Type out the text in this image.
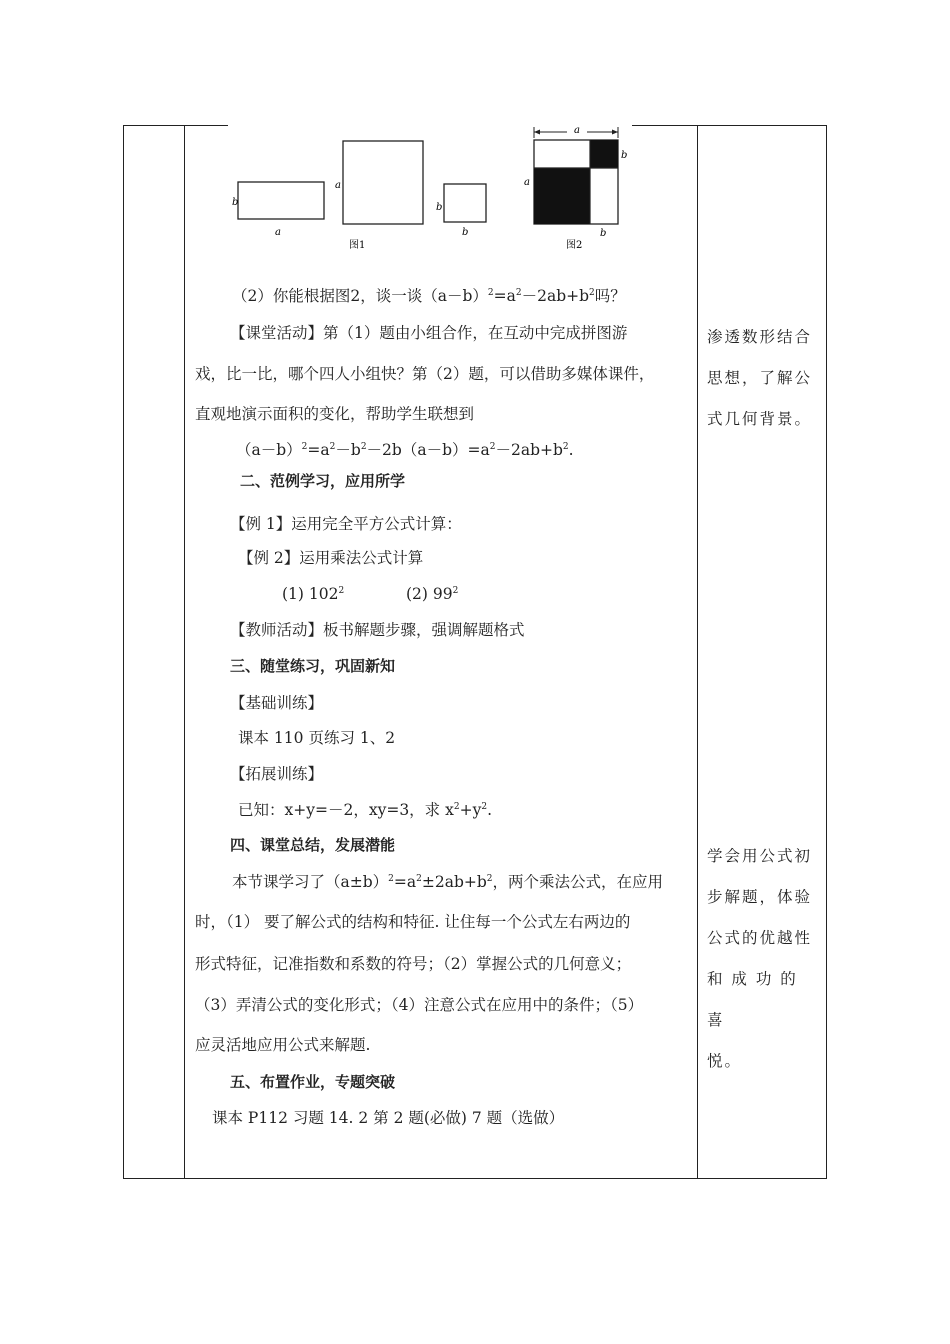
b
a
a
b
b
图1
a
b
b
a
图2
（2）你能根据图2，谈一谈$(a-b)^2=a^2-2ab+b^2$吗？
【课堂活动】第（1）题由小组合作，在互动中完成拼图游
戏，比一比，哪个四人小组快？第（2）题，可以借助多媒体课件，
直观地演示面积的变化，帮助学生联想到
$(a-b)^2=a^2-b^2-2b(a-b)=a^2-2ab+b^2$.
二、范例学习，应用所学
【例 1】运用完全平方公式计算：
【例 2】运用乘法公式计算
(1) $102^2$	(2) $99^2$
【教师活动】板书解题步骤，强调解题格式
三、随堂练习，巩固新知
【基础训练】
课本 110 页练习 1、2
【拓展训练】
已知：x+y=－2，xy=3，求 $x^2+y^2$.
四、课堂总结，发展潜能
本节课学习了$(a\pm b)^2=a^2\pm 2ab+b^2$，两个乘法公式，在应用
时，（1） 要了解公式的结构和特征. 让住每一个公式左右两边的
形式特征，记准指数和系数的符号；（2）掌握公式的几何意义；
（3）弄清公式的变化形式；（4）注意公式在应用中的条件；（5）
应灵活地应用公式来解题.
五、布置作业，专题突破
课本 P112 习题 14. 2 第 2 题(必做) 7 题（选做）
渗透数形结合
思想，了解公
式几何背景。
学会用公式初
步解题，体验
公式的优越性
和 成 功 的 喜
悦。
